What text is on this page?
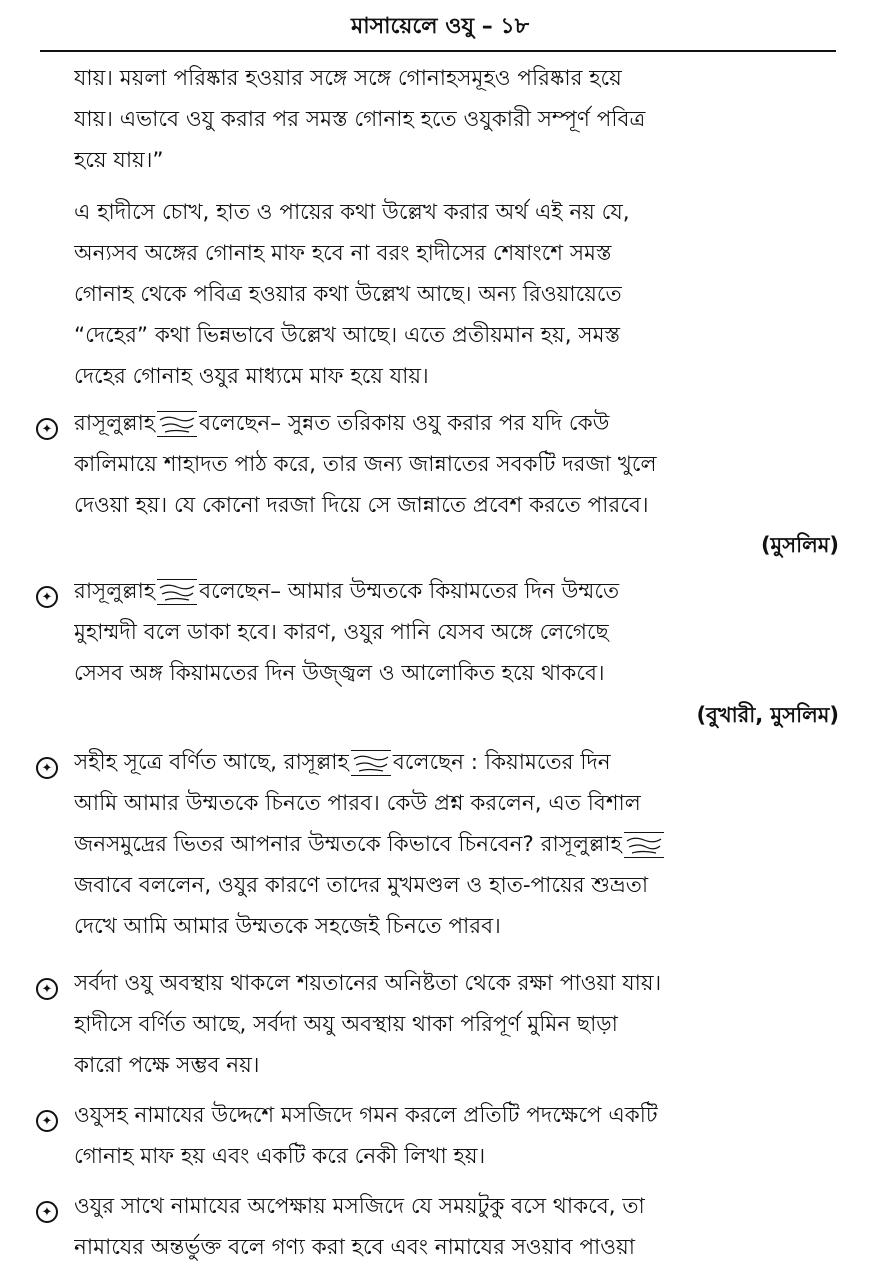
মাসায়েলে ওযু – ১৮
যায়। ময়লা পরিষ্কার হওয়ার সঙ্গে সঙ্গে গোনাহসমূহও পরিষ্কার হয়ে
যায়। এভাবে ওযু করার পর সমস্ত গোনাহ হতে ওযুকারী সম্পূর্ণ পবিত্র
হয়ে যায়।”
এ হাদীসে চোখ, হাত ও পায়ের কথা উল্লেখ করার অর্থ এই নয় যে,
অন্যসব অঙ্গের গোনাহ মাফ হবে না বরং হাদীসের শেষাংশে সমস্ত
গোনাহ থেকে পবিত্র হওয়ার কথা উল্লেখ আছে। অন্য রিওয়ায়েতে
“দেহের” কথা ভিন্নভাবে উল্লেখ আছে। এতে প্রতীয়মান হয়, সমস্ত
দেহের গোনাহ ওযুর মাধ্যমে মাফ হয়ে যায়।
✦ রাসূলুল্লাহ বলেছেন– সুন্নত তরিকায় ওযু করার পর যদি কেউ
কালিমায়ে শাহাদত পাঠ করে, তার জন্য জান্নাতের সবকটি দরজা খুলে
দেওয়া হয়। যে কোনো দরজা দিয়ে সে জান্নাতে প্রবেশ করতে পারবে।
(মুসলিম)
✦ রাসূলুল্লাহ বলেছেন– আমার উম্মতকে কিয়ামতের দিন উম্মতে
মুহাম্মদী বলে ডাকা হবে। কারণ, ওযুর পানি যেসব অঙ্গে লেগেছে
সেসব অঙ্গ কিয়ামতের দিন উজ্জ্বল ও আলোকিত হয়ে থাকবে।
(বুখারী, মুসলিম)
✦ সহীহ সূত্রে বর্ণিত আছে, রাসূল্লাহ বলেছেন : কিয়ামতের দিন
আমি আমার উম্মতকে চিনতে পারব। কেউ প্রশ্ন করলেন, এত বিশাল
জনসমুদ্রের ভিতর আপনার উম্মতকে কিভাবে চিনবেন? রাসূলুল্লাহ
জবাবে বললেন, ওযুর কারণে তাদের মুখমণ্ডল ও হাত-পায়ের শুভ্রতা
দেখে আমি আমার উম্মতকে সহজেই চিনতে পারব।
✦ সর্বদা ওযু অবস্থায় থাকলে শয়তানের অনিষ্টতা থেকে রক্ষা পাওয়া যায়।
হাদীসে বর্ণিত আছে, সর্বদা অযু অবস্থায় থাকা পরিপূর্ণ মুমিন ছাড়া
কারো পক্ষে সম্ভব নয়।
✦ ওযুসহ নামাযের উদ্দেশে মসজিদে গমন করলে প্রতিটি পদক্ষেপে একটি
গোনাহ মাফ হয় এবং একটি করে নেকী লিখা হয়।
✦ ওযুর সাথে নামাযের অপেক্ষায় মসজিদে যে সময়টুকু বসে থাকবে, তা
নামাযের অন্তর্ভুক্ত বলে গণ্য করা হবে এবং নামাযের সওয়াব পাওয়া
